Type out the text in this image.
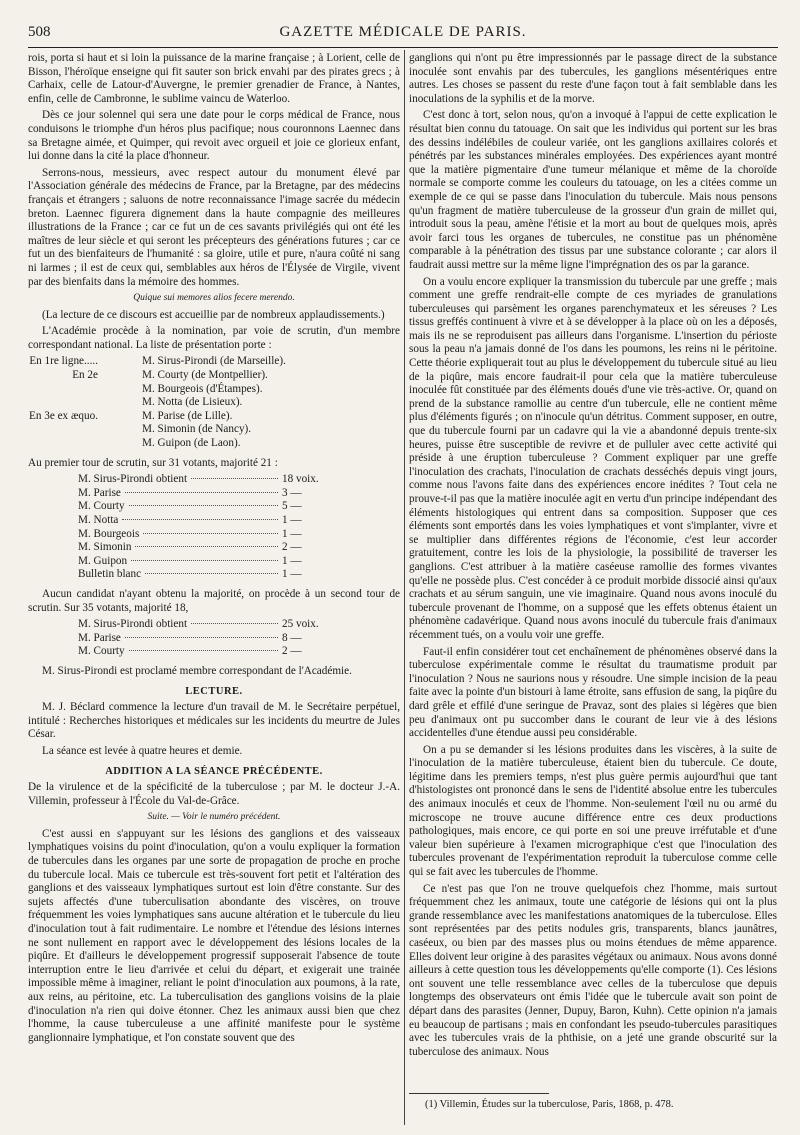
508	GAZETTE MÉDICALE DE PARIS.

rois, porta si haut et si loin la puissance de la marine française ; à Lorient, celle de Bisson, l'héroïque enseigne qui fit sauter son brick envahi par des pirates grecs ; à Carhaix, celle de Latour-d'Auvergne, le premier grenadier de France, à Nantes, enfin, celle de Cambronne, le sublime vaincu de Waterloo.

Dès ce jour solennel qui sera une date pour le corps médical de France, nous conduisons le triomphe d'un héros plus pacifique; nous couronnons Laennec dans sa Bretagne aimée, et Quimper, qui revoit avec orgueil et joie ce glorieux enfant, lui donne dans la cité la place d'honneur.

Serrons-nous, messieurs, avec respect autour du monument élevé par l'Association générale des médecins de France, par la Bretagne, par des médecins français et étrangers ; saluons de notre reconnaissance l'image sacrée du médecin breton. Laennec figurera dignement dans la haute compagnie des meilleures illustrations de la France ; car ce fut un de ces savants privilégiés qui ont été les maîtres de leur siècle et qui seront les précepteurs des générations futures ; car ce fut un des bienfaiteurs de l'humanité : sa gloire, utile et pure, n'aura coûté ni sang ni larmes ; il est de ceux qui, semblables aux héros de l'Élysée de Virgile, vivent par des bienfaits dans la mémoire des hommes.

Quique sui memores alios fecere merendo.

(La lecture de ce discours est accueillie par de nombreux applaudissements.)

L'Académie procède à la nomination, par voie de scrutin, d'un membre correspondant national. La liste de présentation porte :

En 1re ligne.....	M. Sirus-Pirondi (de Marseille).
En 2e	M. Courty (de Montpellier).
M. Bourgeois (d'Étampes).
M. Notta (de Lisieux).
En 3e ex æquo.	M. Parise (de Lille).
M. Simonin (de Nancy).
M. Guipon (de Laon).

Au premier tour de scrutin, sur 31 votants, majorité 21 :

M. Sirus-Pirondi obtient	18 voix.
M. Parise	3 —
M. Courty	5 —
M. Notta	1 —
M. Bourgeois	1 —
M. Simonin	2 —
M. Guipon	1 —
Bulletin blanc	1 —

Aucun candidat n'ayant obtenu la majorité, on procède à un second tour de scrutin. Sur 35 votants, majorité 18,

M. Sirus-Pirondi obtient	25 voix.
M. Parise	8 —
M. Courty	2 —

M. Sirus-Pirondi est proclamé membre correspondant de l'Académie.

LECTURE.

M. J. Béclard commence la lecture d'un travail de M. le Secrétaire perpétuel, intitulé : Recherches historiques et médicales sur les incidents du meurtre de Jules César.

La séance est levée à quatre heures et demie.

ADDITION A LA SÉANCE PRÉCÉDENTE.

De la virulence et de la spécificité de la tuberculose ; par M. le docteur J.-A. Villemin, professeur à l'École du Val-de-Grâce.

Suite. — Voir le numéro précédent.

C'est aussi en s'appuyant sur les lésions des ganglions et des vaisseaux lymphatiques voisins du point d'inoculation, qu'on a voulu expliquer la formation de tubercules dans les organes par une sorte de propagation de proche en proche du tubercule local. Mais ce tubercule est très-souvent fort petit et l'altération des ganglions et des vaisseaux lymphatiques surtout est loin d'être constante. Sur des sujets affectés d'une tuberculisation abondante des viscères, on trouve fréquemment les voies lymphatiques sans aucune altération et le tubercule du lieu d'inoculation tout à fait rudimentaire. Le nombre et l'étendue des lésions internes ne sont nullement en rapport avec le développement des lésions locales de la piqûre. Et d'ailleurs le développement progressif supposerait l'absence de toute interruption entre le lieu d'arrivée et celui du départ, et exigerait une trainée impossible même à imaginer, reliant le point d'inoculation aux poumons, à la rate, aux reins, au péritoine, etc. La tuberculisation des ganglions voisins de la plaie d'inoculation n'a rien qui doive étonner. Chez les animaux aussi bien que chez l'homme, la cause tuberculeuse a une affinité manifeste pour le système ganglionnaire lymphatique, et l'on constate souvent que des

ganglions qui n'ont pu être impressionnés par le passage direct de la substance inoculée sont envahis par des tubercules, les ganglions mésentériques entre autres. Les choses se passent du reste d'une façon tout à fait semblable dans les inoculations de la syphilis et de la morve.

C'est donc à tort, selon nous, qu'on a invoqué à l'appui de cette explication le résultat bien connu du tatouage. On sait que les individus qui portent sur les bras des dessins indélébiles de couleur variée, ont les ganglions axillaires colorés et pénétrés par les substances minérales employées. Des expériences ayant montré que la matière pigmentaire d'une tumeur mélanique et même de la choroïde normale se comporte comme les couleurs du tatouage, on les a citées comme un exemple de ce qui se passe dans l'inoculation du tubercule. Mais nous pensons qu'un fragment de matière tuberculeuse de la grosseur d'un grain de millet qui, introduit sous la peau, amène l'étisie et la mort au bout de quelques mois, après avoir farci tous les organes de tubercules, ne constitue pas un phénomène comparable à la pénétration des tissus par une substance colorante ; car alors il faudrait aussi mettre sur la même ligne l'imprégnation des os par la garance.

On a voulu encore expliquer la transmission du tubercule par une greffe ; mais comment une greffe rendrait-elle compte de ces myriades de granulations tuberculeuses qui parsèment les organes parenchymateux et les séreuses ? Les tissus greffés continuent à vivre et à se développer à la place où on les a déposés, mais ils ne se reproduisent pas ailleurs dans l'organisme. L'insertion du périoste sous la peau n'a jamais donné de l'os dans les poumons, les reins ni le péritoine. Cette théorie expliquerait tout au plus le développement du tubercule situé au lieu de la piqûre, mais encore faudrait-il pour cela que la matière tuberculeuse inoculée fût constituée par des éléments doués d'une vie très-active. Or, quand on prend de la substance ramollie au centre d'un tubercule, elle ne contient même plus d'éléments figurés ; on n'inocule qu'un détritus. Comment supposer, en outre, que du tubercule fourni par un cadavre qui la vie a abandonné depuis trente-six heures, puisse être susceptible de revivre et de pulluler avec cette activité qui préside à une éruption tuberculeuse ? Comment expliquer par une greffe l'inoculation des crachats, l'inoculation de crachats desséchés depuis vingt jours, comme nous l'avons faite dans des expériences encore inédites ? Tout cela ne prouve-t-il pas que la matière inoculée agit en vertu d'un principe indépendant des éléments histologiques qui entrent dans sa composition. Supposer que ces éléments sont emportés dans les voies lymphatiques et vont s'implanter, vivre et se multiplier dans différentes régions de l'économie, c'est leur accorder gratuitement, contre les lois de la physiologie, la possibilité de traverser les ganglions. C'est attribuer à la matière caséeuse ramollie des formes vivantes qu'elle ne possède plus. C'est concéder à ce produit morbide dissocié ainsi qu'aux crachats et au sérum sanguin, une vie imaginaire. Quand nous avons inoculé du tubercule provenant de l'homme, on a supposé que les effets obtenus étaient un phénomène cadavérique. Quand nous avons inoculé du tubercule frais d'animaux récemment tués, on a voulu voir une greffe.

Faut-il enfin considérer tout cet enchaînement de phénomènes observé dans la tuberculose expérimentale comme le résultat du traumatisme produit par l'inoculation ? Nous ne saurions nous y résoudre. Une simple incision de la peau faite avec la pointe d'un bistouri à lame étroite, sans effusion de sang, la piqûre du dard grêle et effilé d'une seringue de Pravaz, sont des plaies si légères que bien peu d'animaux ont pu succomber dans le courant de leur vie à des lésions accidentelles d'une étendue aussi peu considérable.

On a pu se demander si les lésions produites dans les viscères, à la suite de l'inoculation de la matière tuberculeuse, étaient bien du tubercule. Ce doute, légitime dans les premiers temps, n'est plus guère permis aujourd'hui que tant d'histologistes ont prononcé dans le sens de l'identité absolue entre les tubercules des animaux inoculés et ceux de l'homme. Non-seulement l'œil nu ou armé du microscope ne trouve aucune différence entre ces deux productions pathologiques, mais encore, ce qui porte en soi une preuve irréfutable et d'une valeur bien supérieure à l'examen micrographique c'est que l'inoculation des tubercules provenant de l'expérimentation reproduit la tuberculose comme celle qui se fait avec les tubercules de l'homme.

Ce n'est pas que l'on ne trouve quelquefois chez l'homme, mais surtout fréquemment chez les animaux, toute une catégorie de lésions qui ont la plus grande ressemblance avec les manifestations anatomiques de la tuberculose. Elles sont représentées par des petits nodules gris, transparents, blancs jaunâtres, caséeux, ou bien par des masses plus ou moins étendues de même apparence. Elles doivent leur origine à des parasites végétaux ou animaux. Nous avons donné ailleurs à cette question tous les développements qu'elle comporte (1). Ces lésions ont souvent une telle ressemblance avec celles de la tuberculose que depuis longtemps des observateurs ont émis l'idée que le tubercule avait son point de départ dans des parasites (Jenner, Dupuy, Baron, Kuhn). Cette opinion n'a jamais eu beaucoup de partisans ; mais en confondant les pseudo-tubercules parasitiques avec les tubercules vrais de la phthisie, on a jeté une grande obscurité sur la tuberculose des animaux. Nous

(1) Villemin, Études sur la tuberculose, Paris, 1868, p. 478.
